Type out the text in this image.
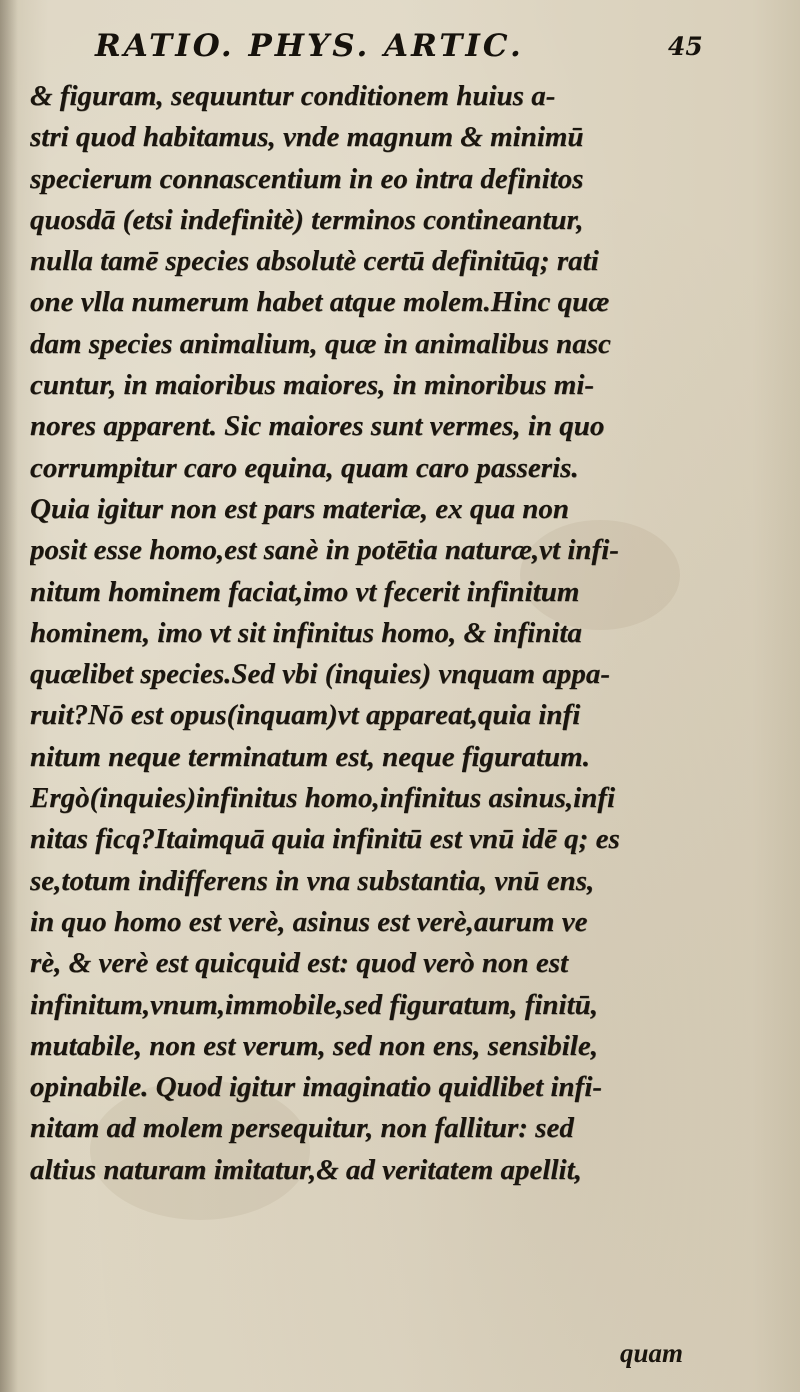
RATIO. PHYS. ARTIC.	45
& figuram, sequuntur conditionem huius a-
stri quod habitamus, vnde magnum & minimū
specierum connascentium in eo intra definitos
quosdā (etsi indefinitè) terminos contineantur,
nulla tamē species absolutè certū definitūq; rati
one vlla numerum habet atque molem.Hinc quæ
dam species animalium, quæ in animalibus nasc
cuntur, in maioribus maiores, in minoribus mi-
nores apparent. Sic maiores sunt vermes, in quo
corrumpitur caro equina, quam caro passeris.
Quia igitur non est pars materiæ, ex qua non
posit esse homo,est sanè in potētia naturæ,vt infi-
nitum hominem faciat,imo vt fecerit infinitum
hominem, imo vt sit infinitus homo, & infinita
quælibet species.Sed vbi (inquies) vnquam appa-
ruit?Nō est opus(inquam)vt appareat,quia infi
nitum neque terminatum est, neque figuratum.
Ergò(inquies)infinitus homo,infinitus asinus,infi
nitas ficq?Itaimquā quia infinitū est vnū idē q; es
se,totum indifferens in vna substantia, vnū ens,
in quo homo est verè, asinus est verè,aurum ve
rè, & verè est quicquid est: quod verò non est
infinitum,vnum,immobile,sed figuratum, finitū,
mutabile, non est verum, sed non ens, sensibile,
opinabile. Quod igitur imaginatio quidlibet infi-
nitam ad molem persequitur, non fallitur: sed
altius naturam imitatur,& ad veritatem apellit,
quam
